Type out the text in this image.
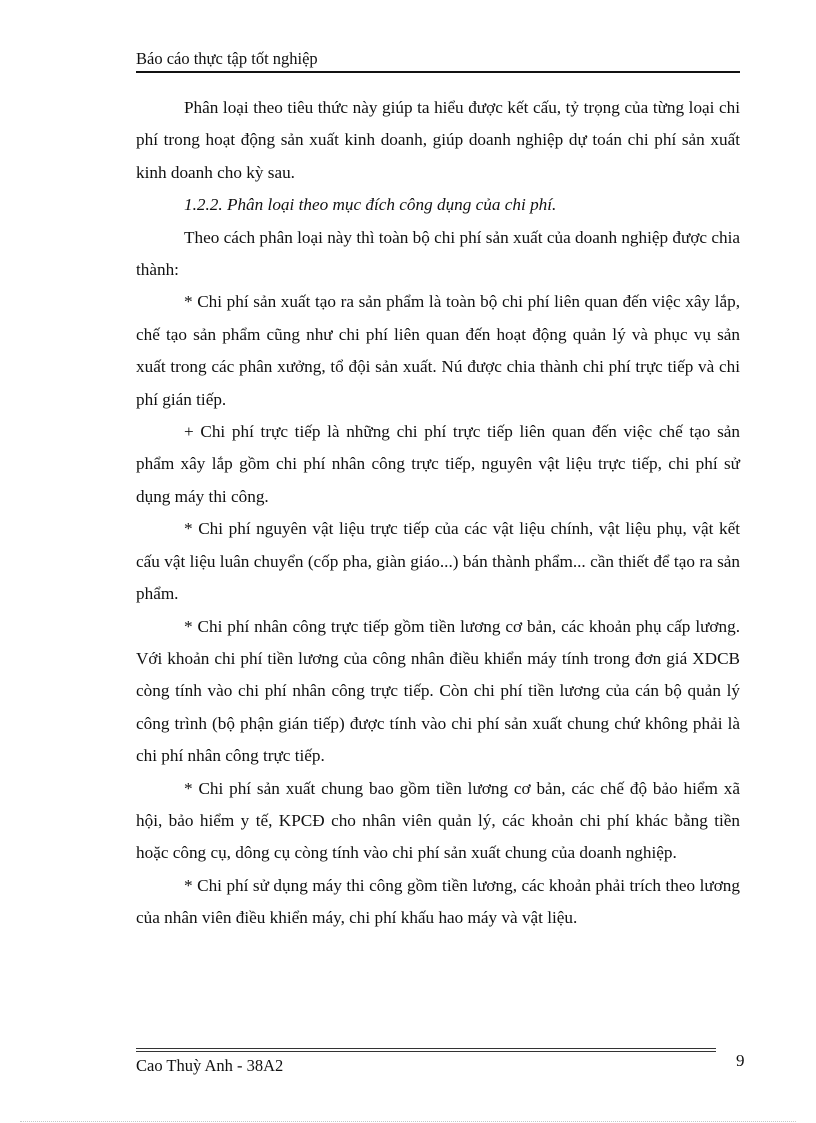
Báo cáo thực tập tốt nghiệp

Phân loại theo tiêu thức này giúp ta hiểu được kết cấu, tỷ trọng của từng loại chi phí trong hoạt động sản xuất kinh doanh, giúp doanh nghiệp dự toán chi phí sản xuất kinh doanh cho kỳ sau.

1.2.2. Phân loại theo mục đích công dụng của chi phí.

Theo cách phân loại này thì toàn bộ chi phí sản xuất của doanh nghiệp được chia thành:

* Chi phí sản xuất tạo ra sản phẩm là toàn bộ chi phí liên quan đến việc xây lắp, chế tạo sản phẩm cũng như chi phí liên quan đến hoạt động quản lý và phục vụ sản xuất trong các phân xưởng, tổ đội sản xuất. Nú được chia thành chi phí trực tiếp và chi phí gián tiếp.

+ Chi phí trực tiếp là những chi phí trực tiếp liên quan đến việc chế tạo sản phẩm xây lắp gồm chi phí nhân công trực tiếp, nguyên vật liệu trực tiếp, chi phí sử dụng máy thi công.

* Chi phí nguyên vật liệu trực tiếp của các vật liệu chính, vật liệu phụ, vật kết cấu vật liệu luân chuyển (cốp pha, giàn giáo...) bán thành phẩm... cần thiết để tạo ra sản phẩm.

* Chi phí nhân công trực tiếp gồm tiền lương cơ bản, các khoản phụ cấp lương. Với khoản chi phí tiền lương của công nhân điều khiển máy tính trong đơn giá XDCB còng tính vào chi phí nhân công trực tiếp. Còn chi phí tiền lương của cán bộ quản lý công trình (bộ phận gián tiếp) được tính vào chi phí sản xuất chung chứ không phải là chi phí nhân công trực tiếp.

* Chi phí sản xuất chung bao gồm tiền lương cơ bản, các chế độ bảo hiểm xã hội, bảo hiểm y tế, KPCĐ cho nhân viên quản lý, các khoản chi phí khác bằng tiền hoặc công cụ, dông cụ còng tính vào chi phí sản xuất chung của doanh nghiệp.

* Chi phí sử dụng máy thi công gồm tiền lương, các khoản phải trích theo lương của nhân viên điều khiển máy, chi phí khấu hao máy và vật liệu.

Cao Thuỳ Anh - 38A2	9
